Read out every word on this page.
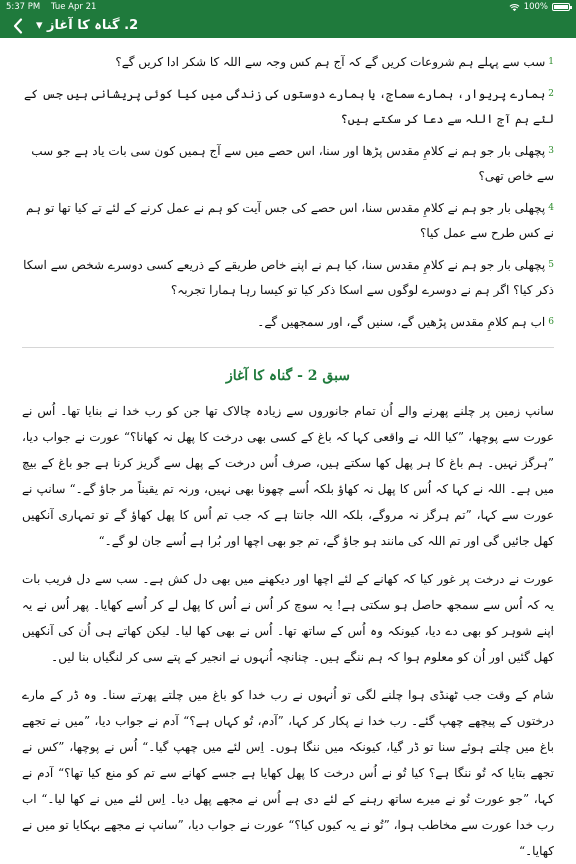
5:37 PM Tue Apr 21	100%
2. گناہ کا آغاز ▾
$^1$سب سے پہلے ہم شروعات کریں گے کہ آج ہم کس وجہ سے اللہ کا شکر ادا کریں گے؟
$^2$ہمارے پریوار، ہمارے سماج، یا ہمارے دوستوں کی زندگی میں کیا کوئی پریشانی ہیں جس کے لئے ہم آج اللہ سے دعا کر سکتے ہیں؟
$^3$پچھلی بار جو ہم نے کلامِ مقدس پڑھا اور سنا، اس حصے میں سے آج ہمیں کون سی بات یاد ہے جو سب سے خاص تھی؟
$^4$پچھلی بار جو ہم نے کلامِ مقدس سنا، اس حصے کی جس آیت کو ہم نے عمل کرنے کے لئے تے کیا تھا تو ہم نے کس طرح سے عمل کیا؟
$^5$پچھلی بار جو ہم نے کلامِ مقدس سنا، کیا ہم نے اپنے خاص طریقے کے ذریعے کسی دوسرے شخص سے اسکا ذکر کیا؟ اگر ہم نے دوسرے لوگوں سے اسکا ذکر کیا تو کیسا رہا ہمارا تجربہ؟
$^6$اب ہم کلامِ مقدس پڑھیں گے، سنیں گے، اور سمجھیں گے۔
سبق 2 - گناہ کا آغاز

سانپ زمین پر چلنے پھرنے والے اُن تمام جانوروں سے زیادہ چالاک تھا جن کو رب خدا نے بنایا تھا۔ اُس نے عورت سے پوچھا، ”کیا اللہ نے واقعی کہا کہ باغ کے کسی بھی درخت کا پھل نہ کھانا؟“ عورت نے جواب دیا، ”ہرگز نہیں۔ ہم باغ کا ہر پھل کھا سکتے ہیں، صرف اُس درخت کے پھل سے گریز کرنا ہے جو باغ کے بیچ میں ہے۔ اللہ نے کہا کہ اُس کا پھل نہ کھاؤ بلکہ اُسے چھونا بھی نہیں، ورنہ تم یقیناً مر جاؤ گے۔“ سانپ نے عورت سے کہا، ”تم ہرگز نہ مروگے، بلکہ اللہ جانتا ہے کہ جب تم اُس کا پھل کھاؤ گے تو تمہاری آنکھیں کھل جائیں گی اور تم اللہ کی مانند ہو جاؤ گے، تم جو بھی اچھا اور بُرا ہے اُسے جان لو گے۔“

عورت نے درخت پر غور کیا کہ کھانے کے لئے اچھا اور دیکھنے میں بھی دل کش ہے۔ سب سے دل فریب بات یہ کہ اُس سے سمجھ حاصل ہو سکتی ہے! یہ سوچ کر اُس نے اُس کا پھل لے کر اُسے کھایا۔ پھر اُس نے یہ اپنے شوہر کو بھی دے دیا، کیونکہ وہ اُس کے ساتھ تھا۔ اُس نے بھی کھا لیا۔ لیکن کھاتے ہی اُن کی آنکھیں کھل گئیں اور اُن کو معلوم ہوا کہ ہم ننگے ہیں۔ چنانچہ اُنہوں نے انجیر کے پتے سی کر لنگیاں بنا لیں۔

شام کے وقت جب ٹھنڈی ہوا چلنے لگی تو اُنہوں نے رب خدا کو باغ میں چلتے پھرتے سنا۔ وہ ڈر کے مارے درختوں کے پیچھے چھپ گئے۔ رب خدا نے پکار کر کہا، ”آدم، تُو کہاں ہے؟“ آدم نے جواب دیا، ”میں نے تجھے باغ میں چلتے ہوئے سنا تو ڈر گیا، کیونکہ میں ننگا ہوں۔ اِس لئے میں چھپ گیا۔“ اُس نے پوچھا، ”کس نے تجھے بتایا کہ تُو ننگا ہے؟ کیا تُو نے اُس درخت کا پھل کھایا ہے جسے کھانے سے تم کو منع کیا تھا؟“ آدم نے کہا، ”جو عورت تُو نے میرے ساتھ رہنے کے لئے دی ہے اُس نے مجھے پھل دیا۔ اِس لئے میں نے کھا لیا۔“ اب رب خدا عورت سے مخاطب ہوا، ”تُو نے یہ کیوں کیا؟“ عورت نے جواب دیا، ”سانپ نے مجھے بہکایا تو میں نے کھایا۔“
